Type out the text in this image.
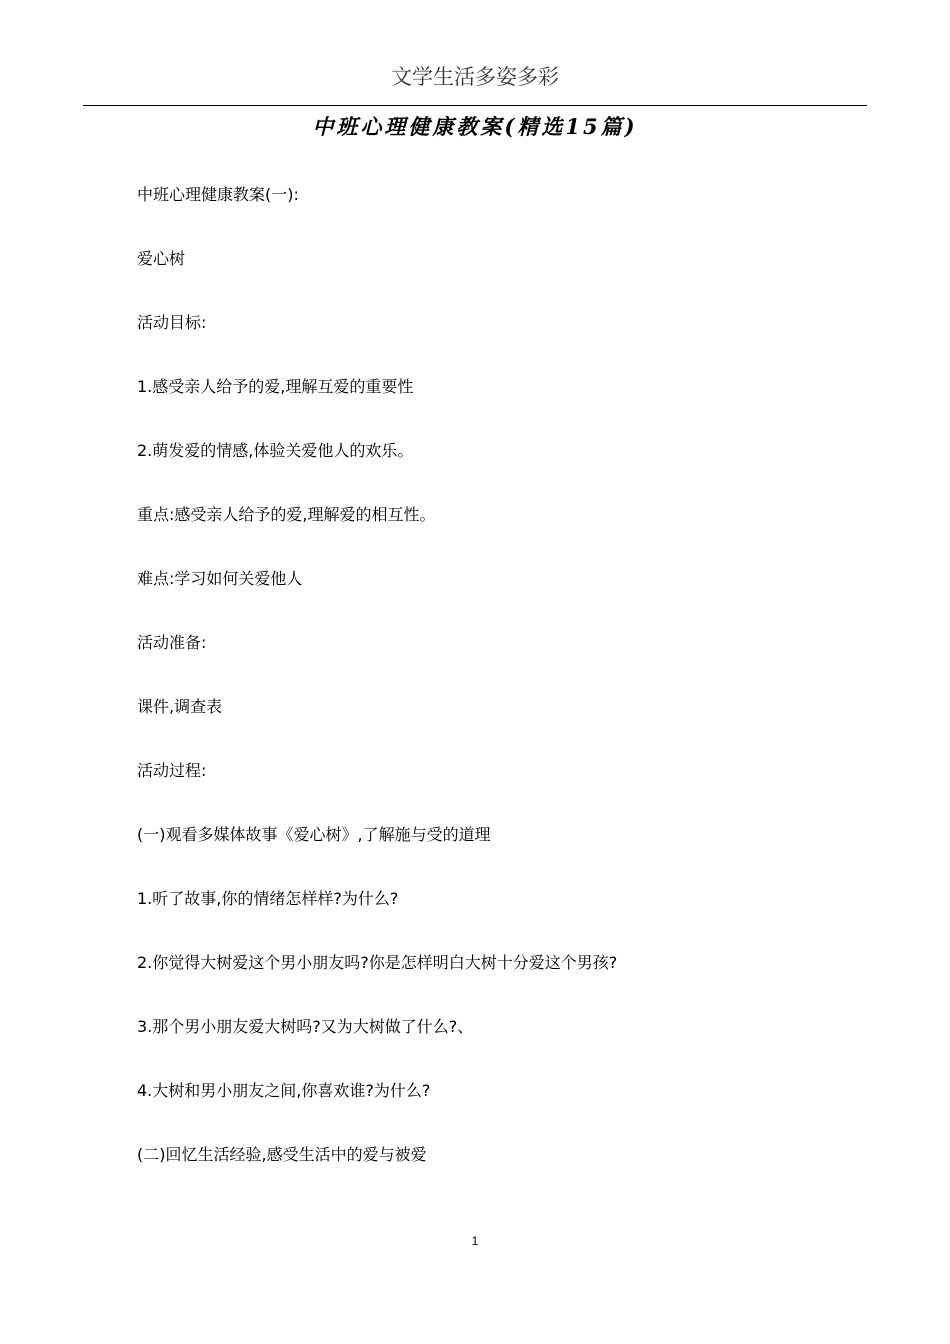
文学生活多姿多彩
中班心理健康教案(精选15篇)
中班心理健康教案(一):
爱心树
活动目标:
1.感受亲人给予的爱,理解互爱的重要性
2.萌发爱的情感,体验关爱他人的欢乐。
重点:感受亲人给予的爱,理解爱的相互性。
难点:学习如何关爱他人
活动准备:
课件,调查表
活动过程:
(一)观看多媒体故事《爱心树》,了解施与受的道理
1.听了故事,你的情绪怎样样?为什么?
2.你觉得大树爱这个男小朋友吗?你是怎样明白大树十分爱这个男孩?
3.那个男小朋友爱大树吗?又为大树做了什么?、
4.大树和男小朋友之间,你喜欢谁?为什么?
(二)回忆生活经验,感受生活中的爱与被爱
1
